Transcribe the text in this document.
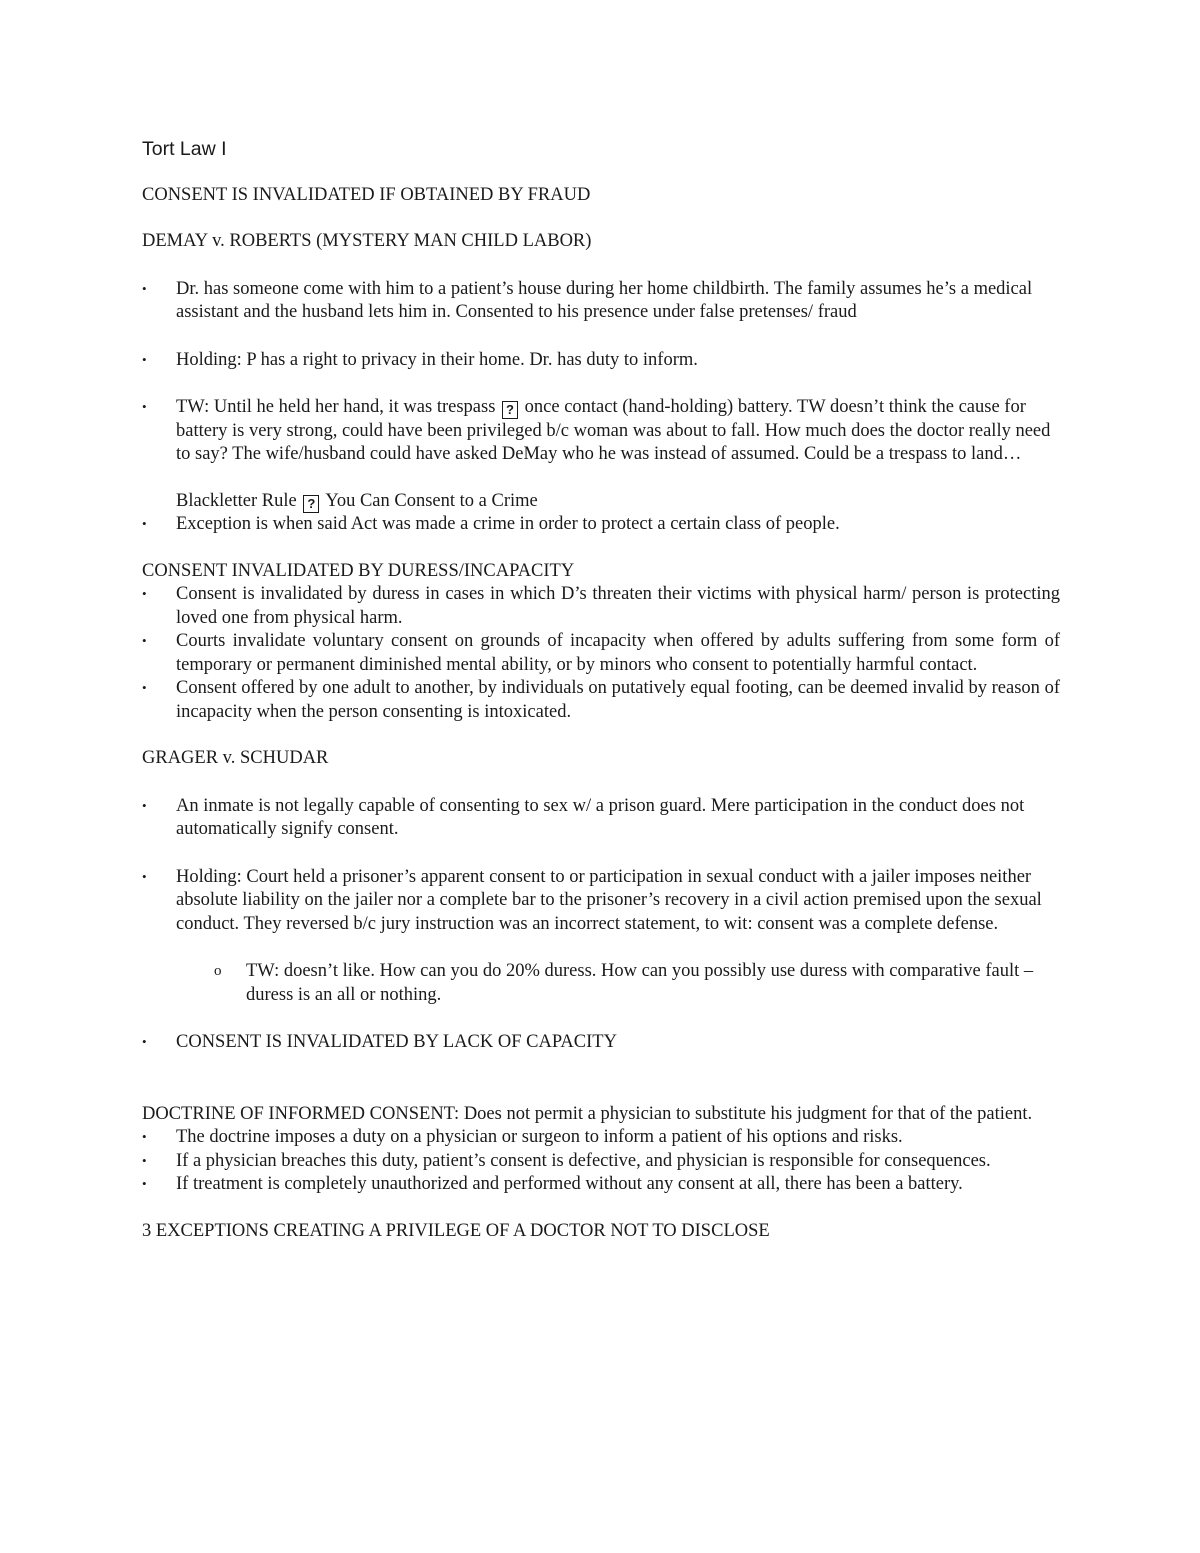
Tort Law I
CONSENT IS INVALIDATED IF OBTAINED BY FRAUD
DEMAY v. ROBERTS (MYSTERY MAN CHILD LABOR)
• Dr. has someone come with him to a patient’s house during her home childbirth. The family assumes he’s a medical assistant and the husband lets him in. Consented to his presence under false pretenses/ fraud
• Holding: P has a right to privacy in their home. Dr. has duty to inform.
• TW: Until he held her hand, it was trespass ? once contact (hand-holding) battery. TW doesn’t think the cause for battery is very strong, could have been privileged b/c woman was about to fall. How much does the doctor really need to say? The wife/husband could have asked DeMay who he was instead of assumed. Could be a trespass to land…
Blackletter Rule ? You Can Consent to a Crime
• Exception is when said Act was made a crime in order to protect a certain class of people.
CONSENT INVALIDATED BY DURESS/INCAPACITY
• Consent is invalidated by duress in cases in which D’s threaten their victims with physical harm/ person is protecting loved one from physical harm.
• Courts invalidate voluntary consent on grounds of incapacity when offered by adults suffering from some form of temporary or permanent diminished mental ability, or by minors who consent to potentially harmful contact.
• Consent offered by one adult to another, by individuals on putatively equal footing, can be deemed invalid by reason of incapacity when the person consenting is intoxicated.
GRAGER v. SCHUDAR
• An inmate is not legally capable of consenting to sex w/ a prison guard. Mere participation in the conduct does not automatically signify consent.
• Holding: Court held a prisoner’s apparent consent to or participation in sexual conduct with a jailer imposes neither absolute liability on the jailer nor a complete bar to the prisoner’s recovery in a civil action premised upon the sexual conduct. They reversed b/c jury instruction was an incorrect statement, to wit: consent was a complete defense.
o TW: doesn’t like. How can you do 20% duress. How can you possibly use duress with comparative fault – duress is an all or nothing.
• CONSENT IS INVALIDATED BY LACK OF CAPACITY
DOCTRINE OF INFORMED CONSENT: Does not permit a physician to substitute his judgment for that of the patient.
• The doctrine imposes a duty on a physician or surgeon to inform a patient of his options and risks.
• If a physician breaches this duty, patient’s consent is defective, and physician is responsible for consequences.
• If treatment is completely unauthorized and performed without any consent at all, there has been a battery.
3 EXCEPTIONS CREATING A PRIVILEGE OF A DOCTOR NOT TO DISCLOSE
